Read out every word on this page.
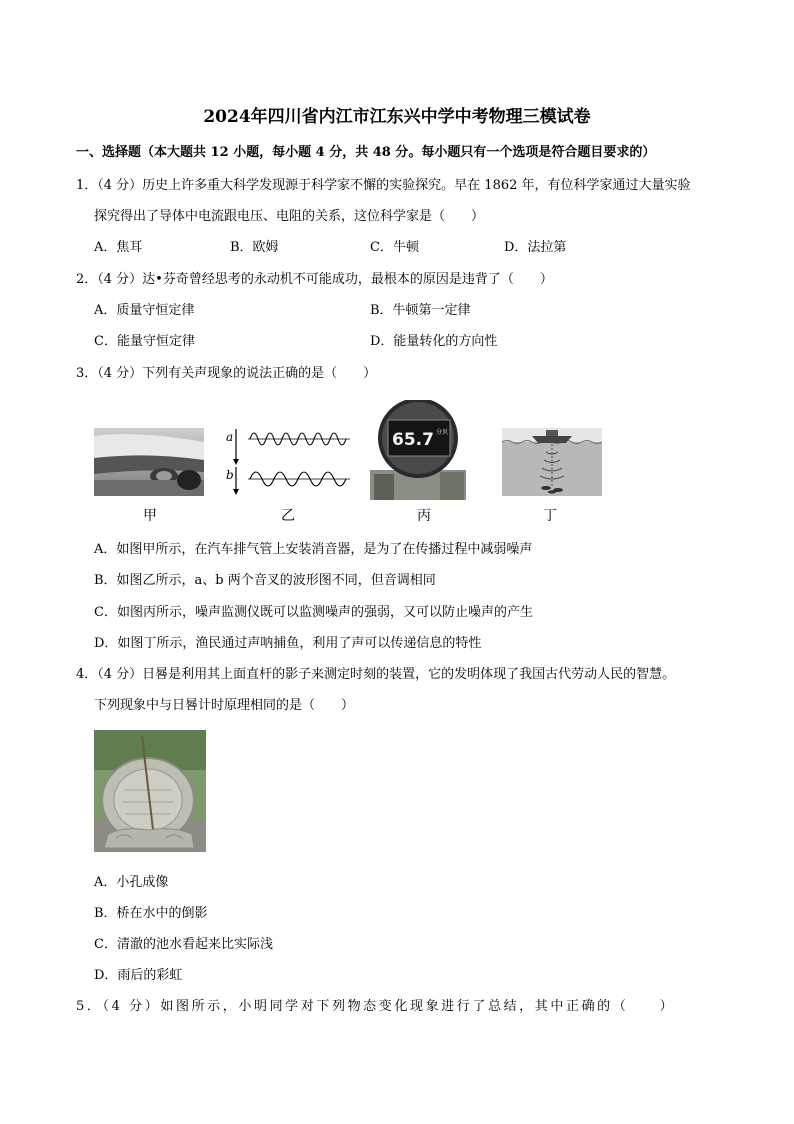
2024年四川省内江市江东兴中学中考物理三模试卷
一、选择题（本大题共 12 小题，每小题 4 分，共 48 分。每小题只有一个选项是符合题目要求的）
1．（4 分）历史上许多重大科学发现源于科学家不懈的实验探究。早在 1862 年，有位科学家通过大量实验
探究得出了导体中电流跟电压、电阻的关系，这位科学家是（　　）
A．焦耳	B．欧姆	C．牛顿	D．法拉第
2．（4 分）达•芬奇曾经思考的永动机不可能成功，最根本的原因是违背了（　　）
A．质量守恒定律	B．牛顿第一定律
C．能量守恒定律	D．能量转化的方向性
3．（4 分）下列有关声现象的说法正确的是（　　）
a
b
65.7 分贝
甲	乙	丙	丁
A．如图甲所示，在汽车排气管上安装消音器，是为了在传播过程中减弱噪声
B．如图乙所示，a、b 两个音叉的波形图不同，但音调相同
C．如图丙所示，噪声监测仪既可以监测噪声的强弱，又可以防止噪声的产生
D．如图丁所示，渔民通过声呐捕鱼，利用了声可以传递信息的特性
4．（4 分）日晷是利用其上面直杆的影子来测定时刻的装置，它的发明体现了我国古代劳动人民的智慧。
下列现象中与日晷计时原理相同的是（　　）
A．小孔成像
B．桥在水中的倒影
C．清澈的池水看起来比实际浅
D．雨后的彩虹
5．（4 分）如图所示，小明同学对下列物态变化现象进行了总结，其中正确的（　　）
